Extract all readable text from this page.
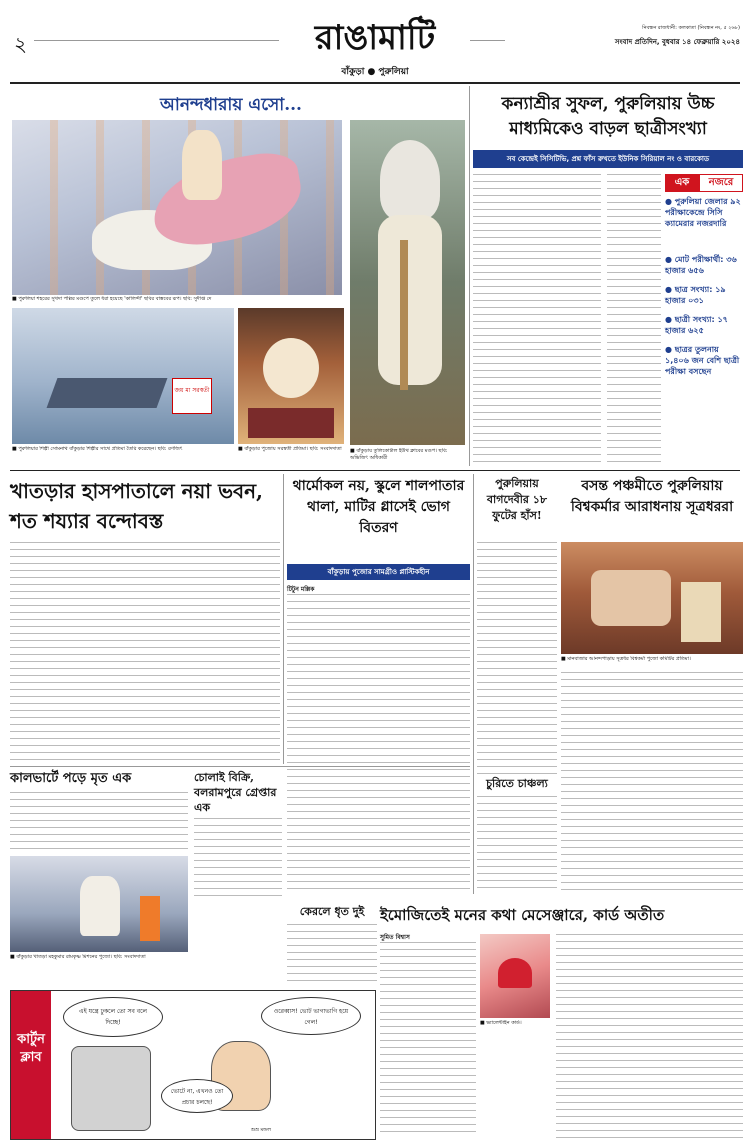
২	রাঙামাটি	নিবন্ধন রাজধানী: কলকাতা (নিবন্ধন নং, ৫ ২৬৮)
সংবাদ প্রতিদিন, বুধবার ১৪ ফেব্রুয়ারি ২০২৪
বাঁকুড়া ● পুরুলিয়া
আনন্দধারায় এসো...
■ পুরুলিয়া শহরের সুখদা পল্লির মণ্ডপে তুলে ধরা হয়েছে 'কালিন্দী' ছবির বাস্তবের রূপ। ছবি: সুদীপ্ত দে
■ বাঁকুড়ায় তুলিকোটাল ইউথ ক্লাবের মণ্ডপ। ছবি: অভিজিৎ অধিকারী
জয় মা সরস্বতী
■ পুরুলিয়ার শিল্পী সোমনাথ বাঁকুড়ার শিল্পীর সাথে প্রতিমা তৈরি করেছেন। ছবি: রণজিৎ	■ বাঁকুড়ার পুজোয় সরস্বতী প্রতিমা। ছবি: সংবাদদাতা
কন্যাশ্রীর সুফল, পুরুলিয়ায় উচ্চ মাধ্যমিকেও বাড়ল ছাত্রীসংখ্যা
সব কেন্দ্রেই সিসিটিভি, প্রশ্ন ফাঁস রুখতে ইউনিক সিরিয়াল নং ও বারকোড
এক	নজরে
● পুরুলিয়া জেলার ৯২ পরীক্ষাকেন্দ্রে সিসি ক্যামেরার নজরদারি
● মোট পরীক্ষার্থী: ৩৬ হাজার ৬৫৬
● ছাত্র সংখ্যা: ১৯ হাজার ০৩১
● ছাত্রী সংখ্যা: ১৭ হাজার ৬২৫
● ছাত্রর তুলনায় ১,৪০৬ জন বেশি ছাত্রী পরীক্ষা বসছেন
খাতড়ার হাসপাতালে নয়া ভবন, শত শয্যার বন্দোবস্ত
থার্মোকল নয়, স্কুলে শালপাতার থালা, মাটির গ্লাসেই ভোগ বিতরণ
বাঁকুড়ায় পুজোর সামগ্রীও প্লাস্টিকহীন
টিটুন মল্লিক
পুরুলিয়ায় বাগদেবীর ১৮ ফুটের হাঁস!
বসন্ত পঞ্চমীতে পুরুলিয়ায় বিশ্বকর্মার আরাধনায় সূত্রধররা
■ মানবাজার আনন্দপাড়ায় সূত্রধর বিশ্বকর্মা পুজো কমিটির প্রতিমা।
চুরিতে চাঞ্চল্য
কালভার্টে পড়ে মৃত এক
■ বাঁকুড়ার খাতড়া মহকুমার রামকৃষ্ণ মিশনের পুজো। ছবি: সংবাদদাতা
চোলাই বিক্রি, বলরামপুরে গ্রেপ্তার এক
কেরলে ধৃত দুই	ইমোজিতেই মনের কথা মেসেঞ্জারে, কার্ড অতীত
সুমিত বিশ্বাস
■ ভ্যালেন্টাইন কার্ড।
কার্টুন ক্লাব
এই যন্ত্রে ঢুকলে তো সব বলে দিচ্ছে!
ওরেব্বাস! ভোট ভাগাভাগি হয়ে গেল!
ভোটে না, এখনও তো প্রচার চলছে!
শুভ্র মন্ডল
